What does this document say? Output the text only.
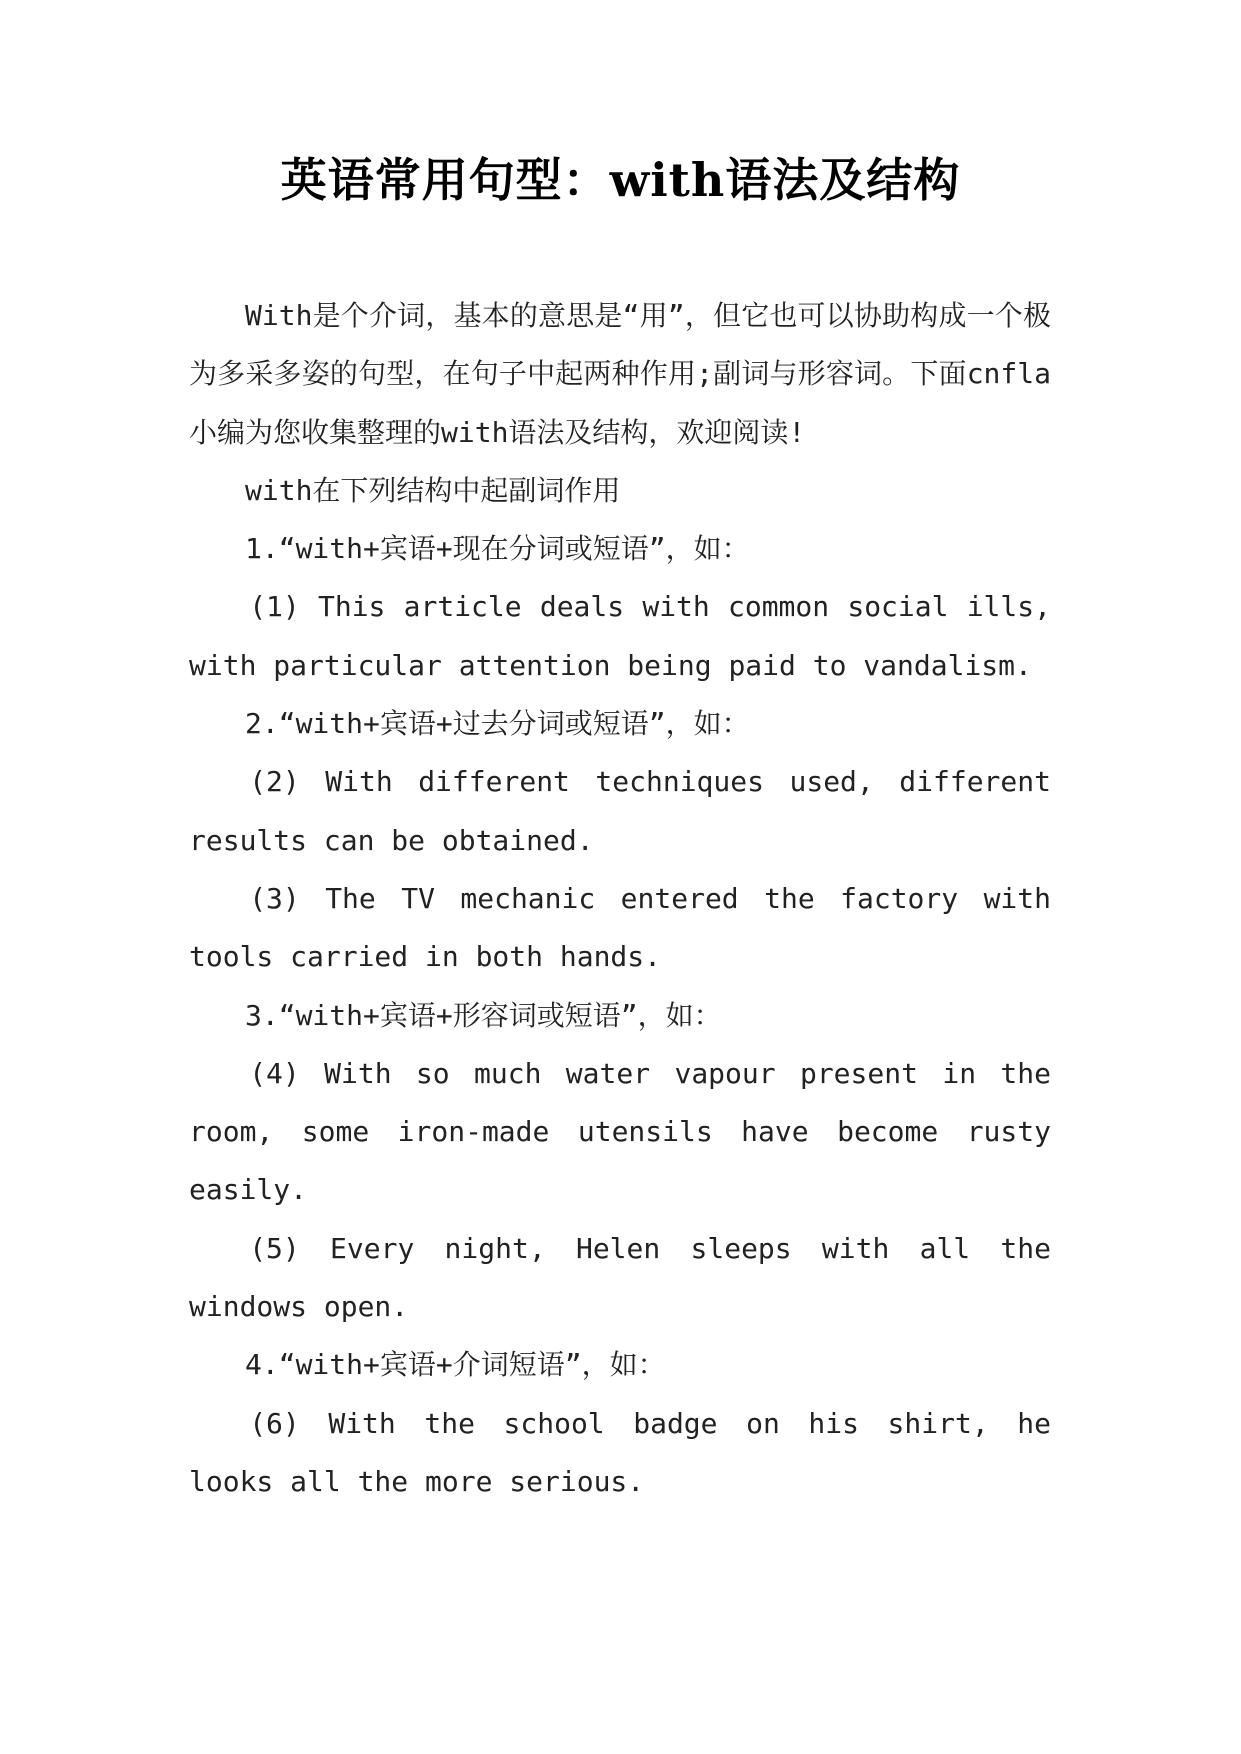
英语常用句型：with语法及结构

With是个介词，基本的意思是“用”，但它也可以协助构成一个极为多采多姿的句型，在句子中起两种作用;副词与形容词。下面cnfla小编为您收集整理的with语法及结构，欢迎阅读!

with在下列结构中起副词作用

1.“with+宾语+现在分词或短语”，如：

(1) This article deals with common social ills, with particular attention being paid to vandalism.

2.“with+宾语+过去分词或短语”，如：

(2) With different techniques used, different results can be obtained.

(3) The TV mechanic entered the factory with tools carried in both hands.

3.“with+宾语+形容词或短语”，如：

(4) With so much water vapour present in the room, some iron-made utensils have become rusty easily.

(5) Every night, Helen sleeps with all the windows open.

4.“with+宾语+介词短语”，如：

(6) With the school badge on his shirt, he looks all the more serious.
